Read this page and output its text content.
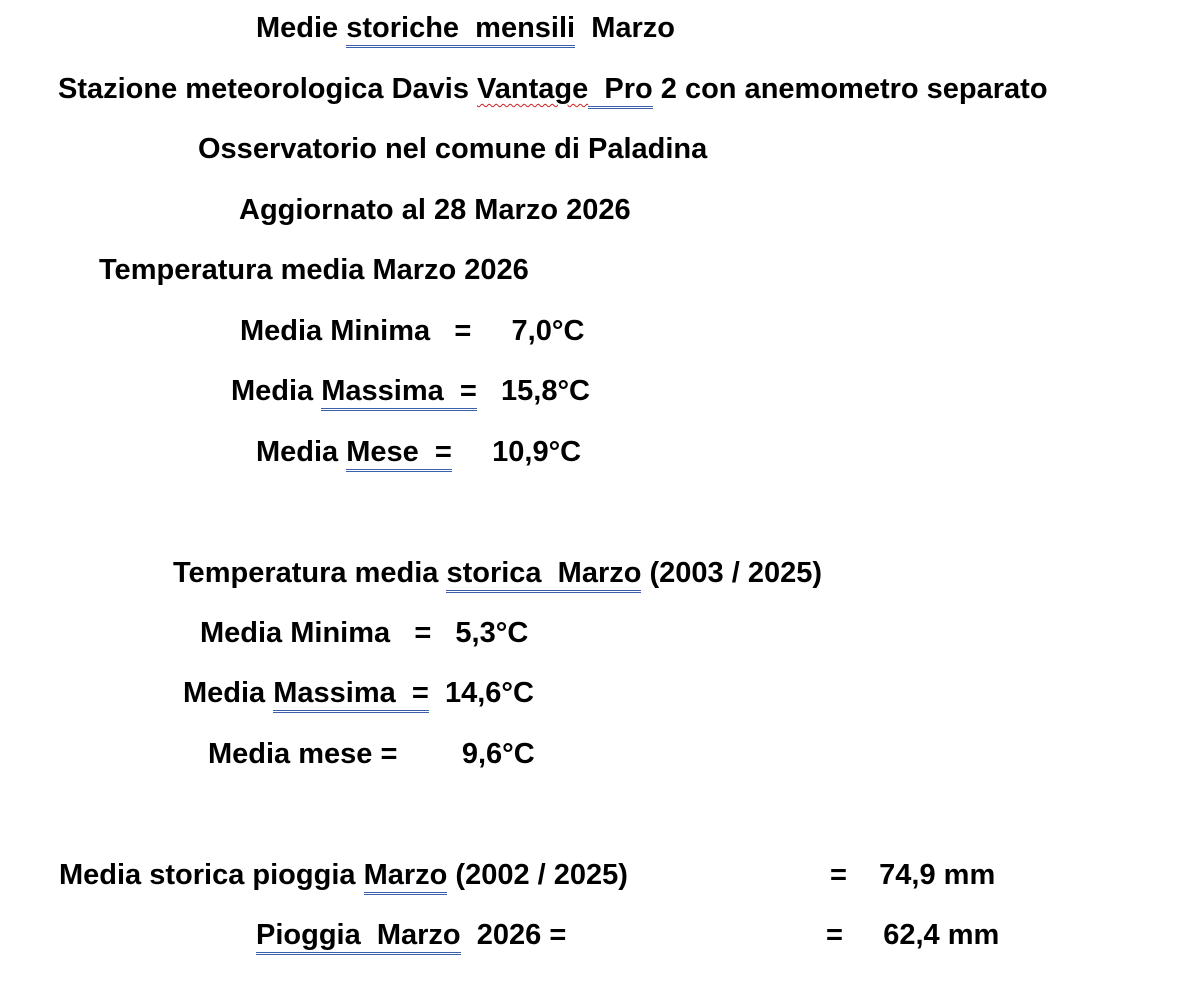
Medie storiche  mensili  Marzo
Stazione meteorologica Davis Vantage  Pro 2 con anemometro separato
Osservatorio nel comune di Paladina
Aggiornato al 28 Marzo 2026
Temperatura media Marzo 2026
Media Minima   =     7,0°C
Media Massima  =   15,8°C
Media Mese  =     10,9°C
Temperatura media storica  Marzo (2003 / 2025)
Media Minima   =   5,3°C
Media Massima  =  14,6°C
Media mese =        9,6°C
Media storica pioggia Marzo (2002 / 2025)	=    74,9 mm
Pioggia  Marzo  2026 =	=     62,4 mm
